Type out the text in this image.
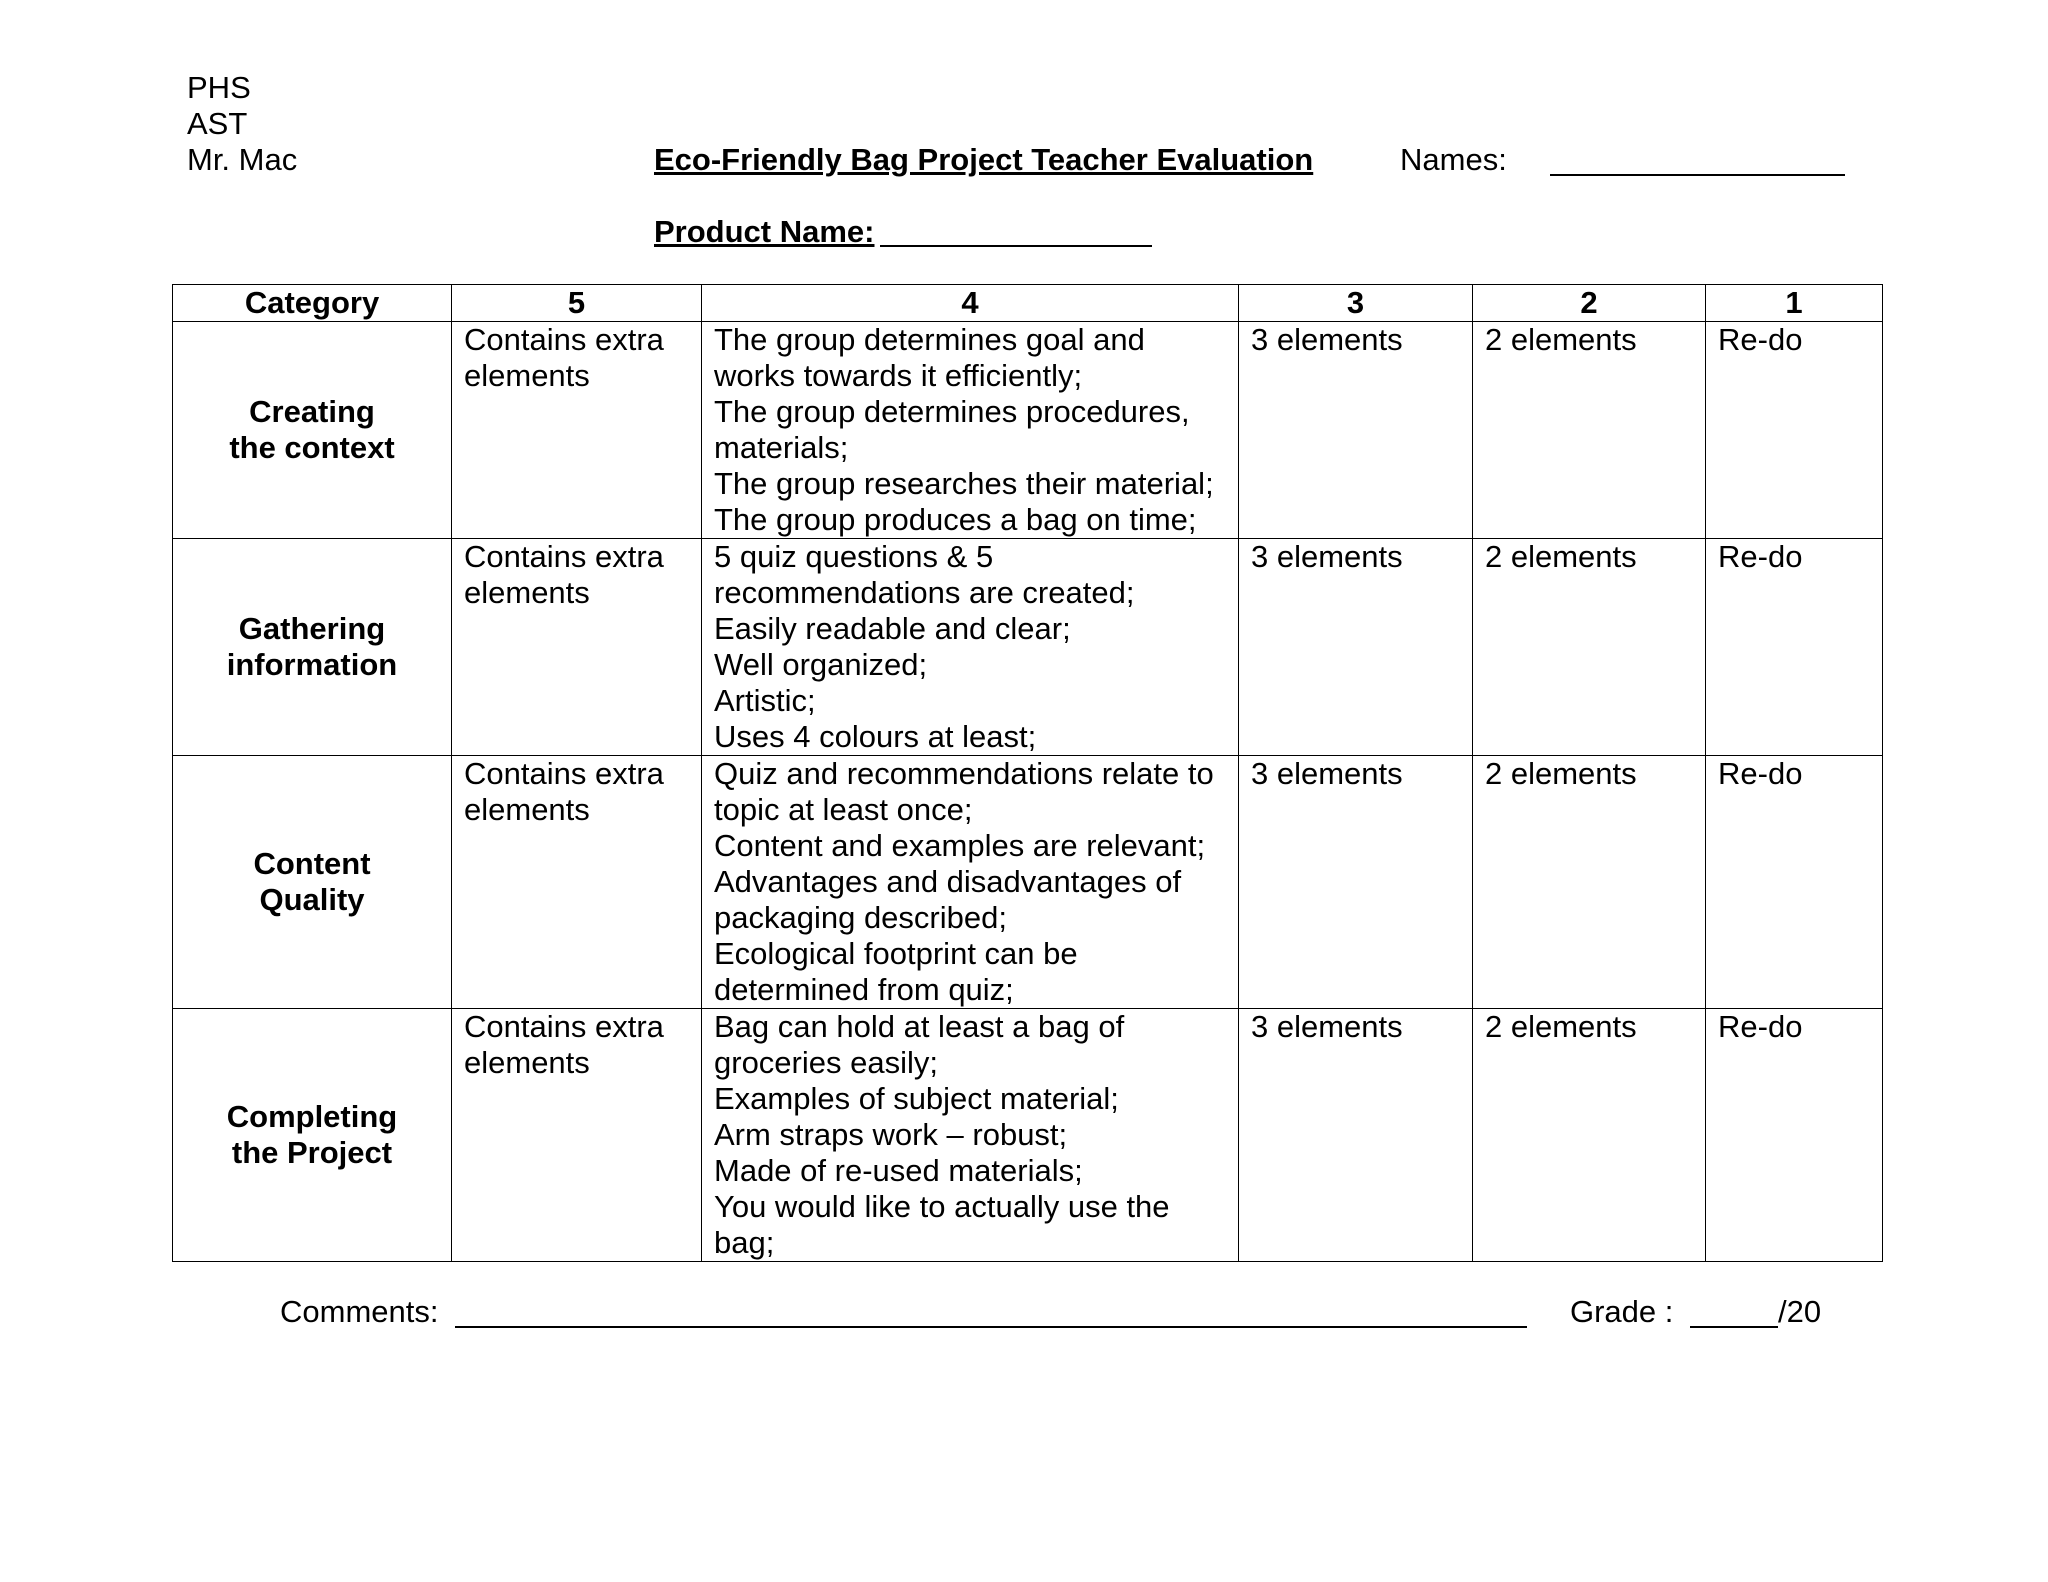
PHS
AST
Mr. Mac	Eco-Friendly Bag Project Teacher Evaluation	Names:
Product Name:
Category	5	4	3	2	1
Creating the context	Contains extra elements	The group determines goal and works towards it efficiently;
The group determines procedures, materials;
The group researches their material;
The group produces a bag on time;	3 elements	2 elements	Re-do
Gathering information	Contains extra elements	5 quiz questions & 5 recommendations are created;
Easily readable and clear;
Well organized;
Artistic;
Uses 4 colours at least;	3 elements	2 elements	Re-do
Content Quality	Contains extra elements	Quiz and recommendations relate to topic at least once;
Content and examples are relevant;
Advantages and disadvantages of packaging described;
Ecological footprint can be determined from quiz;	3 elements	2 elements	Re-do
Completing the Project	Contains extra elements	Bag can hold at least a bag of groceries easily;
Examples of subject material;
Arm straps work – robust;
Made of re-used materials;
You would like to actually use the bag;	3 elements	2 elements	Re-do
Comments:	Grade :	/20
